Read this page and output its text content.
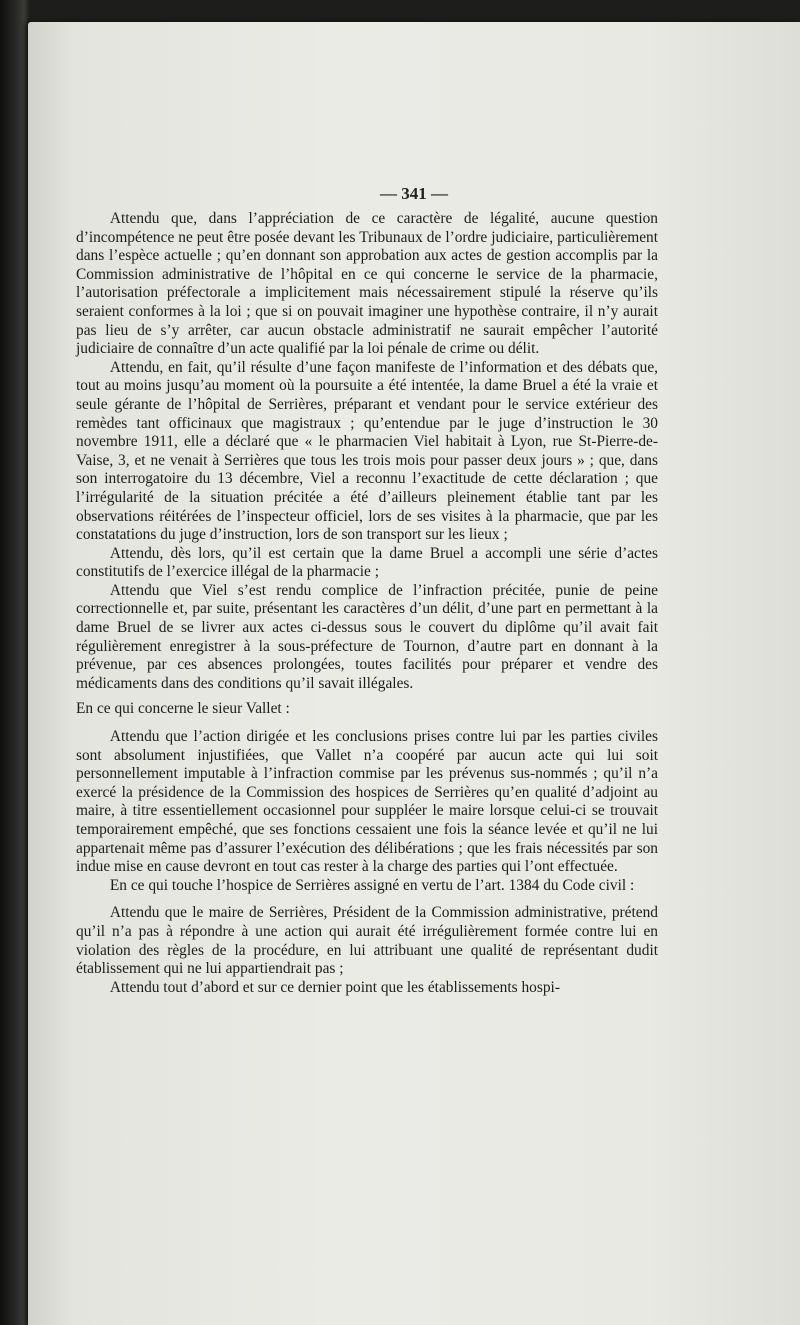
— 341 —

Attendu que, dans l’appréciation de ce caractère de légalité, aucune question d’incompétence ne peut être posée devant les Tribunaux de l’ordre judiciaire, particulièrement dans l’espèce actuelle ; qu’en donnant son approbation aux actes de gestion accomplis par la Commission administrative de l’hôpital en ce qui concerne le service de la pharmacie, l’autorisation préfectorale a implicitement mais nécessairement stipulé la réserve qu’ils seraient conformes à la loi ; que si on pouvait imaginer une hypothèse contraire, il n’y aurait pas lieu de s’y arrêter, car aucun obstacle administratif ne saurait empêcher l’autorité judiciaire de connaître d’un acte qualifié par la loi pénale de crime ou délit.

Attendu, en fait, qu’il résulte d’une façon manifeste de l’information et des débats que, tout au moins jusqu’au moment où la poursuite a été intentée, la dame Bruel a été la vraie et seule gérante de l’hôpital de Serrières, préparant et vendant pour le service extérieur des remèdes tant officinaux que magistraux ; qu’entendue par le juge d’instruction le 30 novembre 1911, elle a déclaré que « le pharmacien Viel habitait à Lyon, rue St-Pierre-de-Vaise, 3, et ne venait à Serrières que tous les trois mois pour passer deux jours » ; que, dans son interrogatoire du 13 décembre, Viel a reconnu l’exactitude de cette déclaration ; que l’irrégularité de la situation précitée a été d’ailleurs pleinement établie tant par les observations réitérées de l’inspecteur officiel, lors de ses visites à la pharmacie, que par les constatations du juge d’instruction, lors de son transport sur les lieux ;

Attendu, dès lors, qu’il est certain que la dame Bruel a accompli une série d’actes constitutifs de l’exercice illégal de la pharmacie ;

Attendu que Viel s’est rendu complice de l’infraction précitée, punie de peine correctionnelle et, par suite, présentant les caractères d’un délit, d’une part en permettant à la dame Bruel de se livrer aux actes ci-dessus sous le couvert du diplôme qu’il avait fait régulièrement enregistrer à la sous-préfecture de Tournon, d’autre part en donnant à la prévenue, par ces absences prolongées, toutes facilités pour préparer et vendre des médicaments dans des conditions qu’il savait illégales.

En ce qui concerne le sieur Vallet :

Attendu que l’action dirigée et les conclusions prises contre lui par les parties civiles sont absolument injustifiées, que Vallet n’a coopéré par aucun acte qui lui soit personnellement imputable à l’infraction commise par les prévenus sus-nommés ; qu’il n’a exercé la présidence de la Commission des hospices de Serrières qu’en qualité d’adjoint au maire, à titre essentiellement occasionnel pour suppléer le maire lorsque celui-ci se trouvait temporairement empêché, que ses fonctions cessaient une fois la séance levée et qu’il ne lui appartenait même pas d’assurer l’exécution des délibérations ; que les frais nécessités par son indue mise en cause devront en tout cas rester à la charge des parties qui l’ont effectuée.

En ce qui touche l’hospice de Serrières assigné en vertu de l’art. 1384 du Code civil :

Attendu que le maire de Serrières, Président de la Commission administrative, prétend qu’il n’a pas à répondre à une action qui aurait été irrégulièrement formée contre lui en violation des règles de la procédure, en lui attribuant une qualité de représentant dudit établissement qui ne lui appartiendrait pas ;

Attendu tout d’abord et sur ce dernier point que les établissements hospi-
